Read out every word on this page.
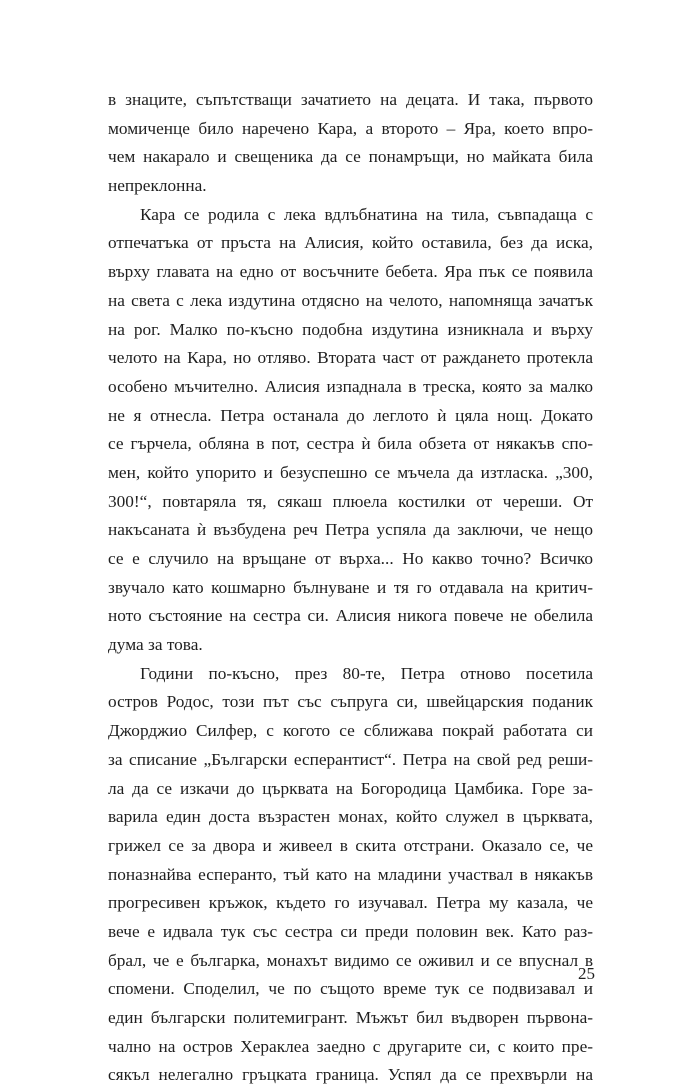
в знаците, съпътстващи зачатието на децата. И така, първото
момиченце било наречено Кара, а второто – Яра, което впро-
чем накарало и свещеника да се понамръщи, но майката била
непреклонна.
Кара се родила с лека вдлъбнатина на тила, съвпадаща с
отпечатъка от пръста на Алисия, който оставила, без да иска,
върху главата на едно от восъчните бебета. Яра пък се появила
на света с лека издутина отдясно на челото, напомняща зачатък
на рог. Малко по-късно подобна издутина изникнала и върху
челото на Кара, но отляво. Втората част от раждането протекла
особено мъчително. Алисия изпаднала в треска, която за малко
не я отнесла. Петра останала до леглото ѝ цяла нощ. Докато
се гърчела, обляна в пот, сестра ѝ била обзета от някакъв спо-
мен, който упорито и безуспешно се мъчела да изтласка. „300,
300!“, повтаряла тя, сякаш плюела костилки от череши. От
накъсаната ѝ възбудена реч Петра успяла да заключи, че нещо
се е случило на връщане от върха... Но какво точно? Всичко
звучало като кошмарно бълнуване и тя го отдавала на критич-
ното състояние на сестра си. Алисия никога повече не обелила
дума за това.
Години по-късно, през 80-те, Петра отново посетила
остров Родос, този път със съпруга си, швейцарския поданик
Джорджио Силфер, с когото се сближава покрай работата си
за списание „Български есперантист“. Петра на свой ред реши-
ла да се изкачи до църквата на Богородица Цамбика. Горе за-
варила един доста възрастен монах, който служел в църквата,
грижел се за двора и живеел в скита отстрани. Оказало се, че
поназнайва есперанто, тъй като на младини участвал в някакъв
прогресивен кръжок, където го изучавал. Петра му казала, че
вече е идвала тук със сестра си преди половин век. Като раз-
брал, че е българка, монахът видимо се оживил и се впуснал в
спомени. Споделил, че по същото време тук се подвизавал и
един български политемигрант. Мъжът бил въдворен първона-
чално на остров Хераклеа заедно с другарите си, с които пре-
сякъл нелегално гръцката граница. Успял да се прехвърли на
25
